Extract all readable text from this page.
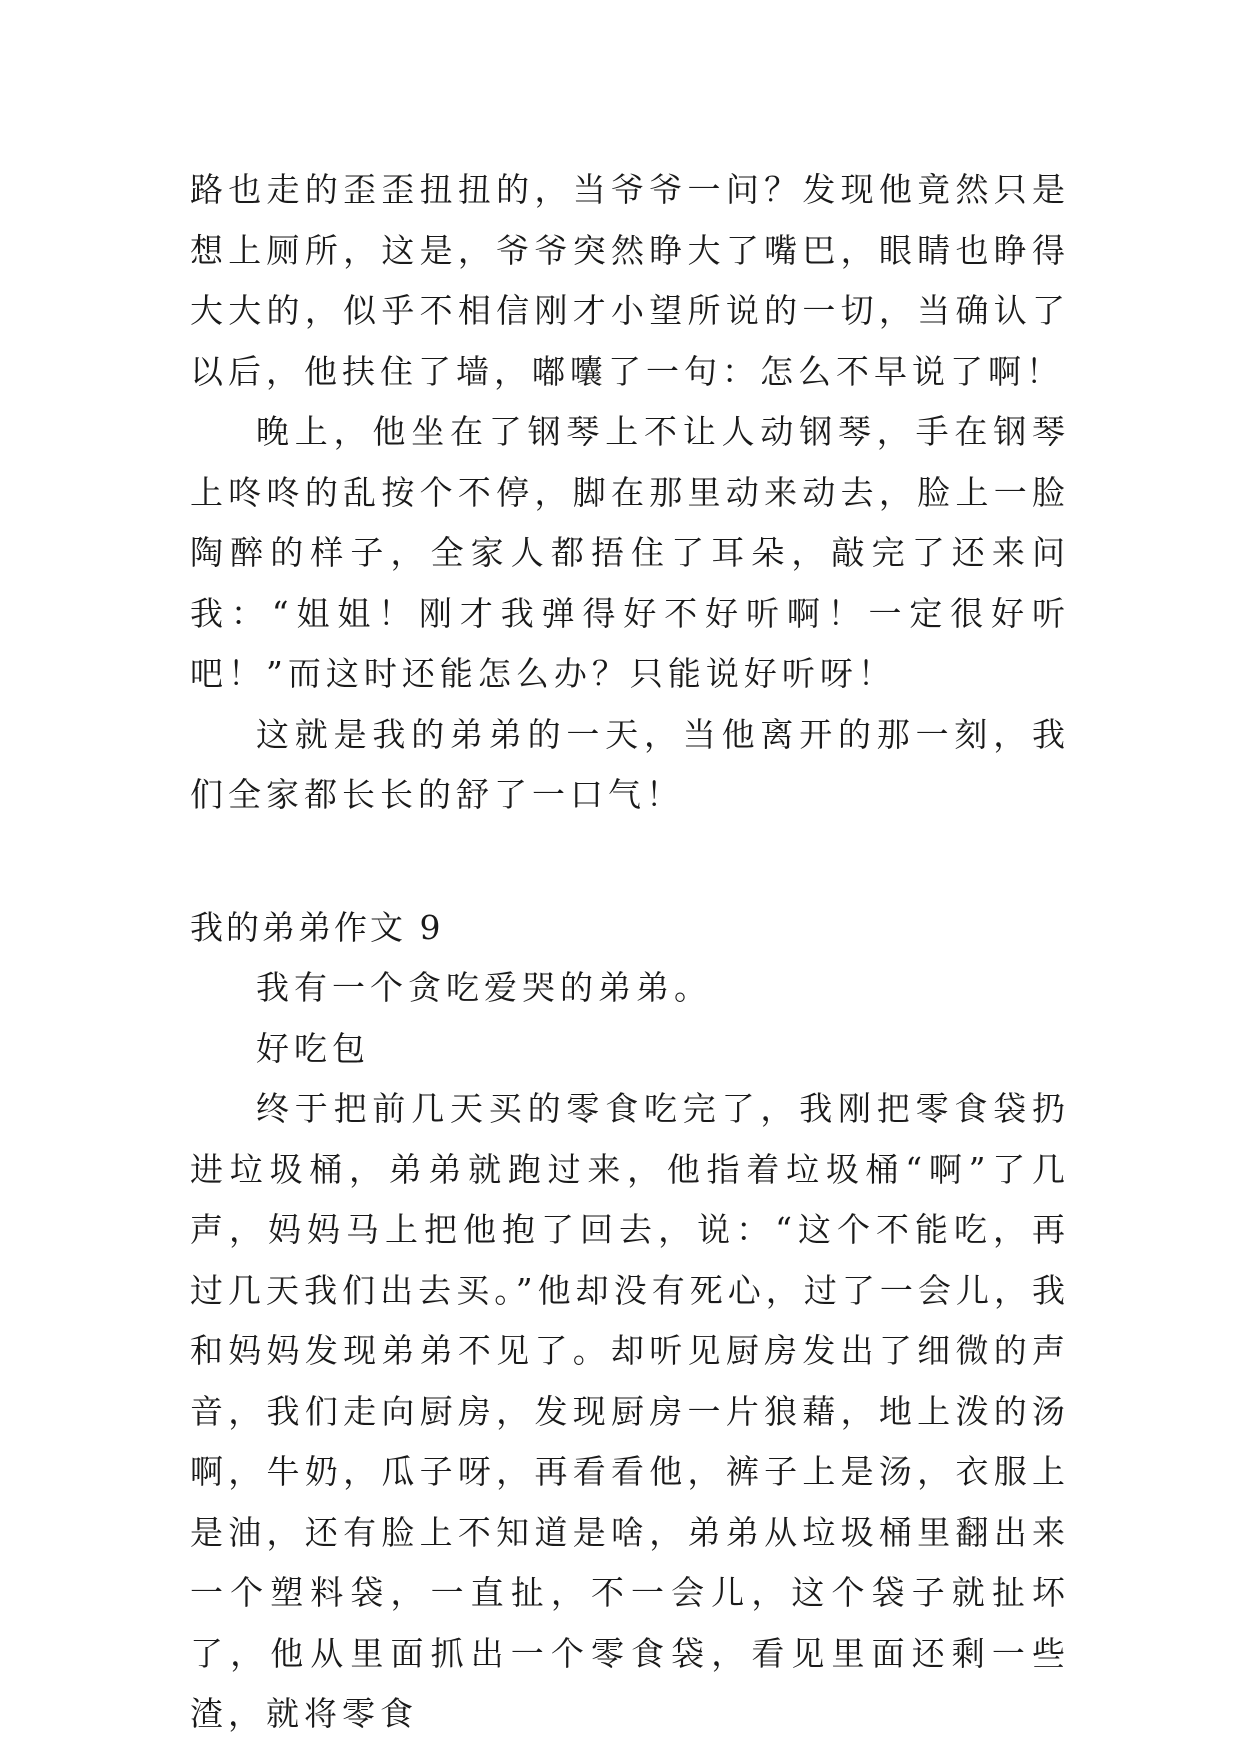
路也走的歪歪扭扭的，当爷爷一问？发现他竟然只是想上厕所，这是，爷爷突然睁大了嘴巴，眼睛也睁得大大的，似乎不相信刚才小望所说的一切，当确认了以后，他扶住了墙，嘟囔了一句：怎么不早说了啊！

晚上，他坐在了钢琴上不让人动钢琴，手在钢琴上咚咚的乱按个不停，脚在那里动来动去，脸上一脸陶醉的样子，全家人都捂住了耳朵，敲完了还来问我：“姐姐！刚才我弹得好不好听啊！一定很好听吧！”而这时还能怎么办？只能说好听呀！

这就是我的弟弟的一天，当他离开的那一刻，我们全家都长长的舒了一口气！

我的弟弟作文 9

我有一个贪吃爱哭的弟弟。

好吃包

终于把前几天买的零食吃完了，我刚把零食袋扔进垃圾桶，弟弟就跑过来，他指着垃圾桶“啊”了几声，妈妈马上把他抱了回去，说：“这个不能吃，再过几天我们出去买。”他却没有死心，过了一会儿，我和妈妈发现弟弟不见了。却听见厨房发出了细微的声音，我们走向厨房，发现厨房一片狼藉，地上泼的汤啊，牛奶，瓜子呀，再看看他，裤子上是汤，衣服上是油，还有脸上不知道是啥，弟弟从垃圾桶里翻出来一个塑料袋，一直扯，不一会儿，这个袋子就扯坏了，他从里面抓出一个零食袋，看见里面还剩一些渣，就将零食
